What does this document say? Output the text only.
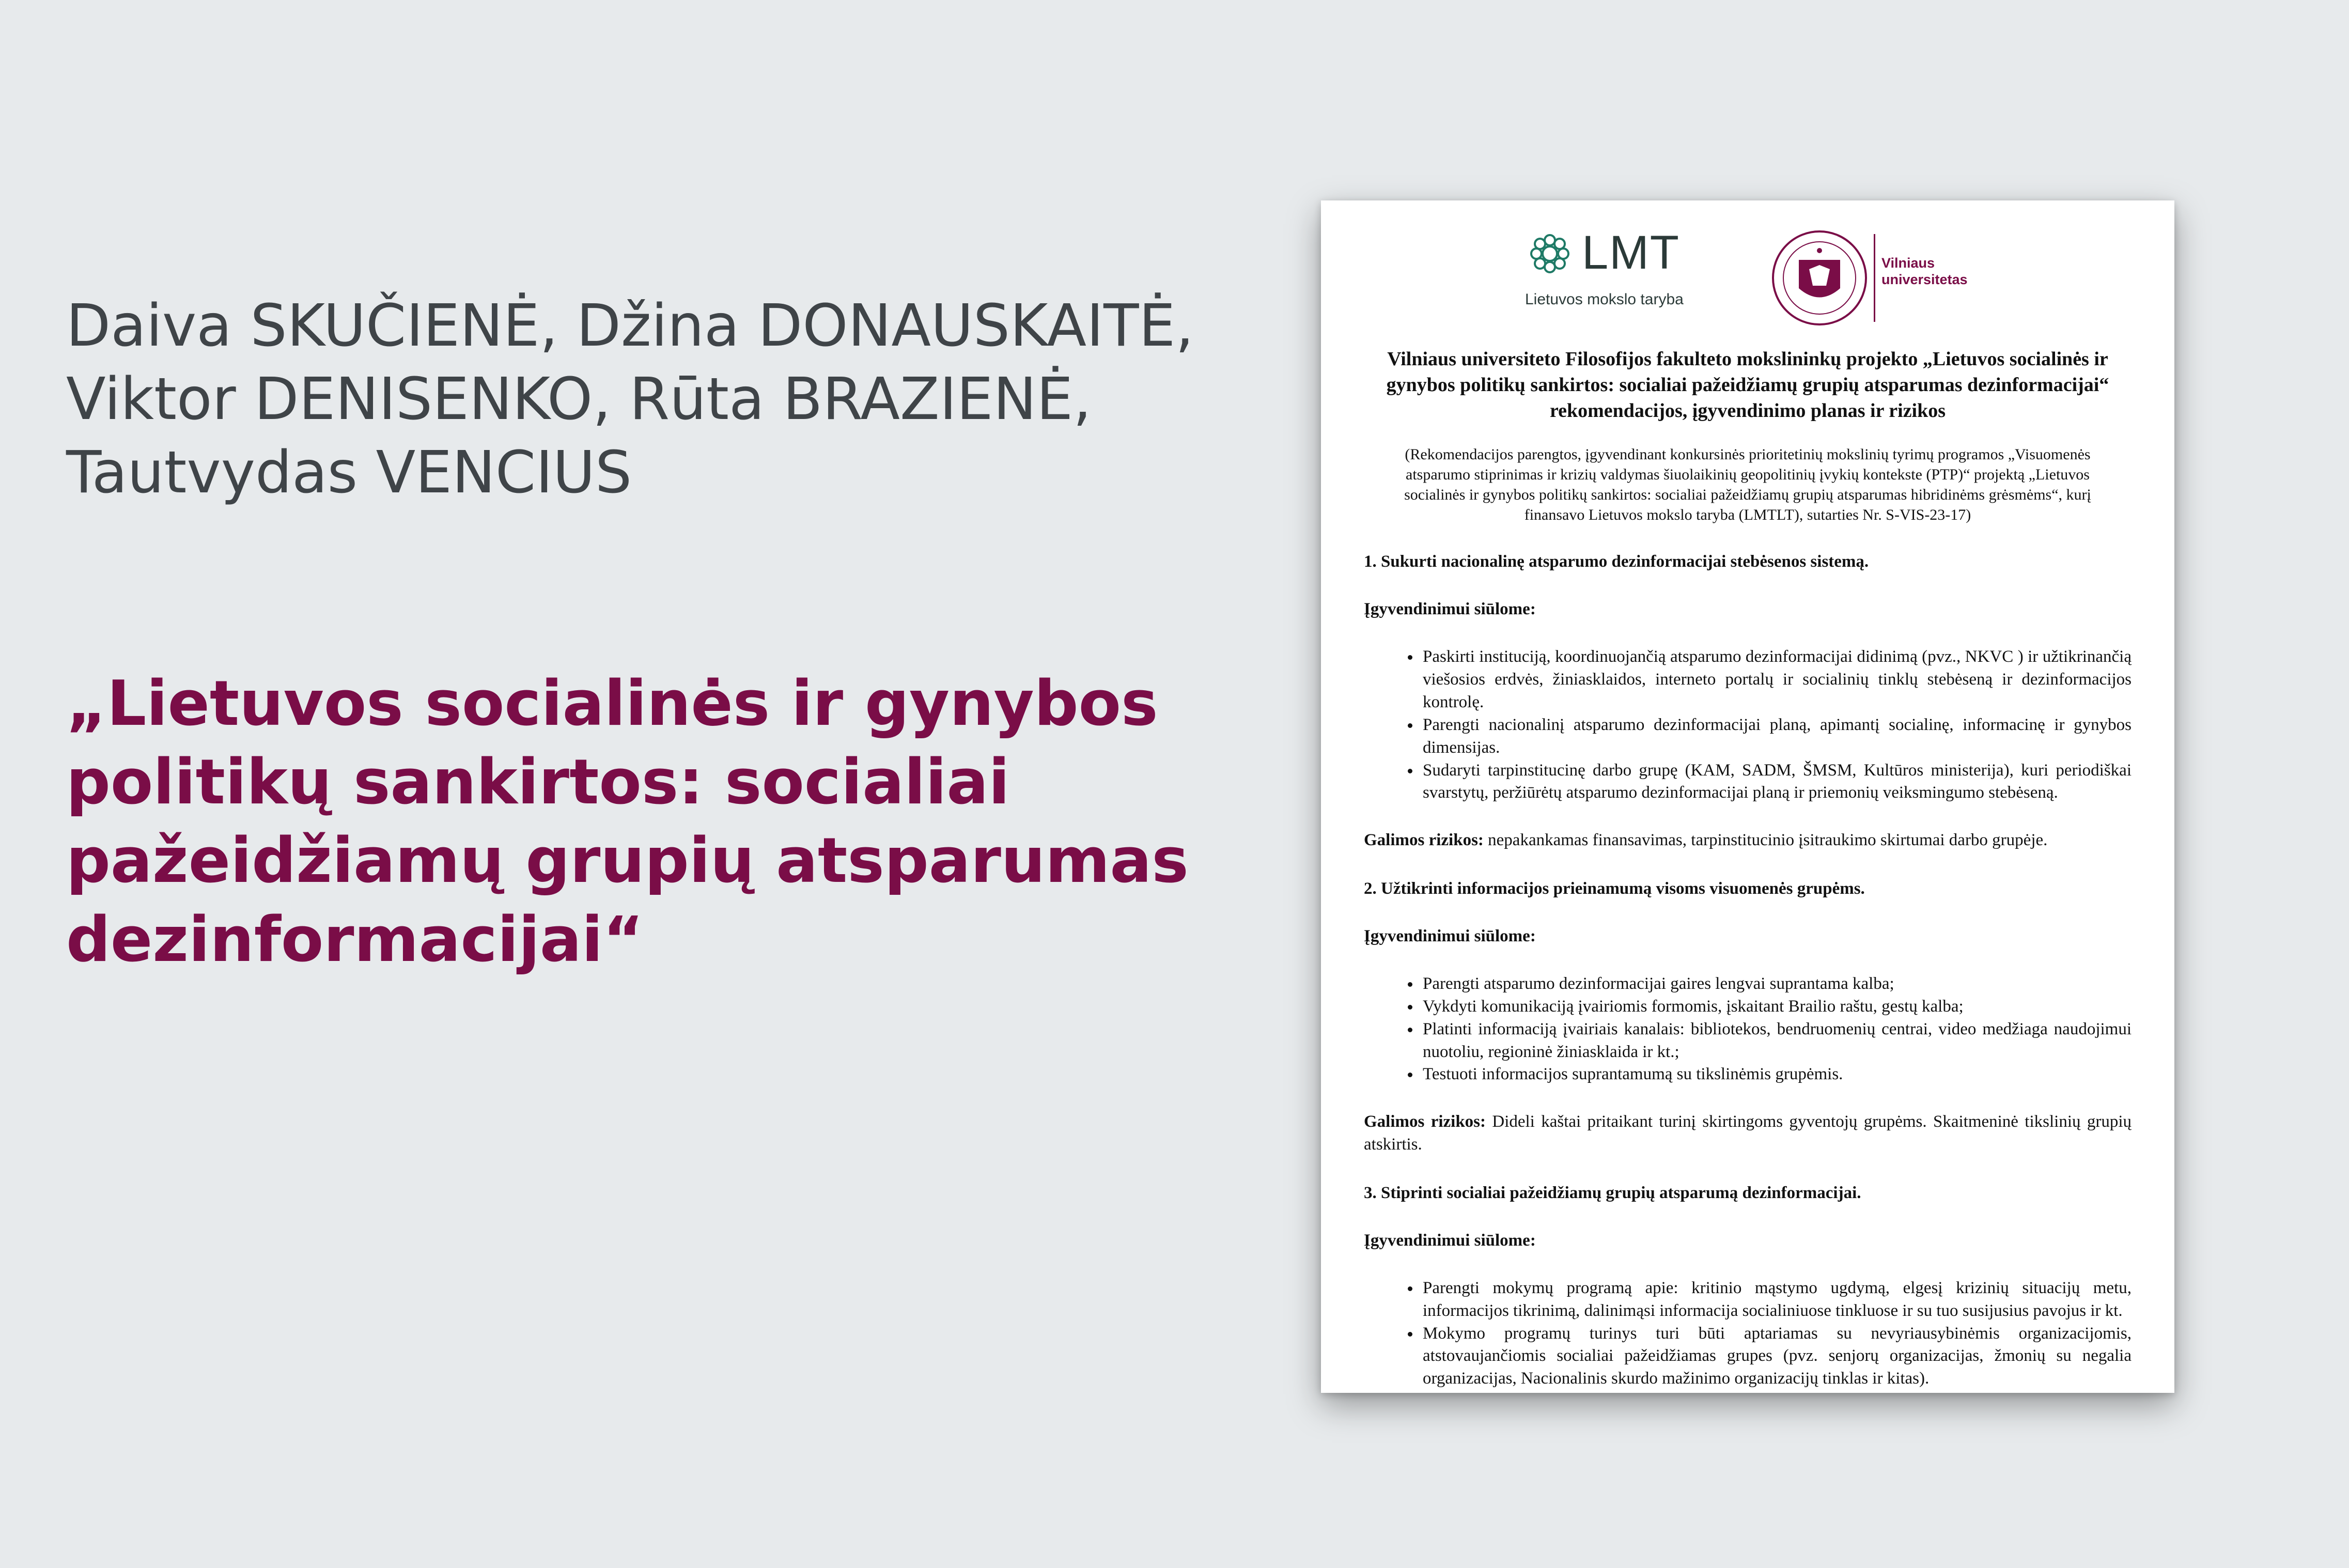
Daiva SKUČIENĖ, Džina DONAUSKAITĖ,
Viktor DENISENKO, Rūta BRAZIENĖ,
Tautvydas VENCIUS
„Lietuvos socialinės ir gynybos
politikų sankirtos: socialiai
pažeidžiamų grupių atsparumas
dezinformacijai“
LMT
Lietuvos mokslo taryba
Vilniaus
universitetas
Vilniaus universiteto Filosofijos fakulteto mokslininkų projekto „Lietuvos socialinės ir gynybos politikų sankirtos: socialiai pažeidžiamų grupių atsparumas dezinformacijai“ rekomendacijos, įgyvendinimo planas ir rizikos
(Rekomendacijos parengtos, įgyvendinant konkursinės prioritetinių mokslinių tyrimų programos „Visuomenės atsparumo stiprinimas ir krizių valdymas šiuolaikinių geopolitinių įvykių kontekste (PTP)“ projektą „Lietuvos socialinės ir gynybos politikų sankirtos: socialiai pažeidžiamų grupių atsparumas hibridinėms grėsmėms“, kurį finansavo Lietuvos mokslo taryba (LMTLT), sutarties Nr. S-VIS-23-17)
1. Sukurti nacionalinę atsparumo dezinformacijai stebėsenos sistemą.
Įgyvendinimui siūlome:
• Paskirti instituciją, koordinuojančią atsparumo dezinformacijai didinimą (pvz., NKVC ) ir užtikrinančią viešosios erdvės, žiniasklaidos, interneto portalų ir socialinių tinklų stebėseną ir dezinformacijos kontrolę.
• Parengti nacionalinį atsparumo dezinformacijai planą, apimantį socialinę, informacinę ir gynybos dimensijas.
• Sudaryti tarpinstitucinę darbo grupę (KAM, SADM, ŠMSM, Kultūros ministerija), kuri periodiškai svarstytų, peržiūrėtų atsparumo dezinformacijai planą ir priemonių veiksmingumo stebėseną.
Galimos rizikos: nepakankamas finansavimas, tarpinstitucinio įsitraukimo skirtumai darbo grupėje.
2. Užtikrinti informacijos prieinamumą visoms visuomenės grupėms.
Įgyvendinimui siūlome:
• Parengti atsparumo dezinformacijai gaires lengvai suprantama kalba;
• Vykdyti komunikaciją įvairiomis formomis, įskaitant Brailio raštu, gestų kalba;
• Platinti informaciją įvairiais kanalais: bibliotekos, bendruomenių centrai, video medžiaga naudojimui nuotoliu, regioninė žiniasklaida ir kt.;
• Testuoti informacijos suprantamumą su tikslinėmis grupėmis.
Galimos rizikos: Dideli kaštai pritaikant turinį skirtingoms gyventojų grupėms. Skaitmeninė tikslinių grupių atskirtis.
3. Stiprinti socialiai pažeidžiamų grupių atsparumą dezinformacijai.
Įgyvendinimui siūlome:
• Parengti mokymų programą apie: kritinio mąstymo ugdymą, elgesį krizinių situacijų metu, informacijos tikrinimą, dalinimąsi informacija socialiniuose tinkluose ir su tuo susijusius pavojus ir kt.
• Mokymo programų turinys turi būti aptariamas su nevyriausybinėmis organizacijomis, atstovaujančiomis socialiai pažeidžiamas grupes (pvz. senjorų organizacijas, žmonių su negalia organizacijas, Nacionalinis skurdo mažinimo organizacijų tinklas ir kitas).
